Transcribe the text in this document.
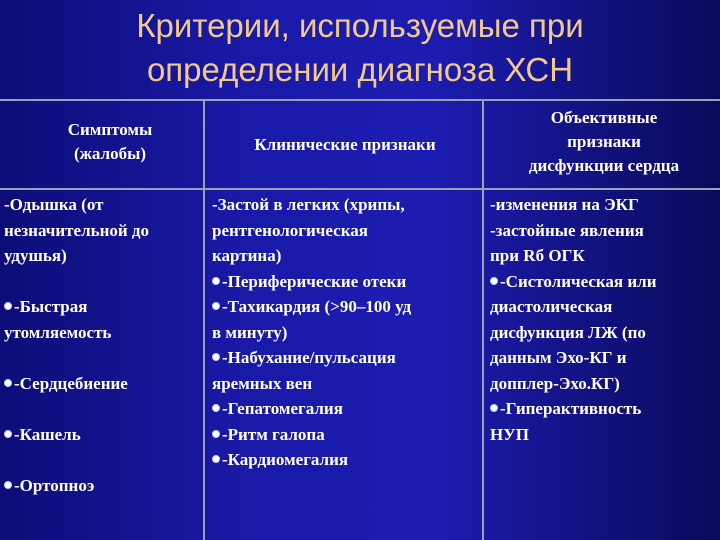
Критерии, используемые при
определении диагноза ХСН
Симптомы
(жалобы)	Клинические признаки
Объективные
признаки
дисфункции сердца
-Одышка (от
незначительной до
удушья)
-Быстрая
утомляемость
-Сердцебиение
-Кашель
-Ортопноэ
-Застой в легких (хрипы,
рентгенологическая
картина)
-Периферические отеки
-Тахикардия (>90–100 уд
в минуту)
-Набухание/пульсация
яремных вен
-Гепатомегалия
-Ритм галопа
-Кардиомегалия
-изменения на ЭКГ
-застойные явления
при Rб ОГК
-Систолическая или
диастолическая
дисфункция ЛЖ (по
данным Эхо-КГ и
допплер-Эхо.КГ)
-Гиперактивность
НУП
